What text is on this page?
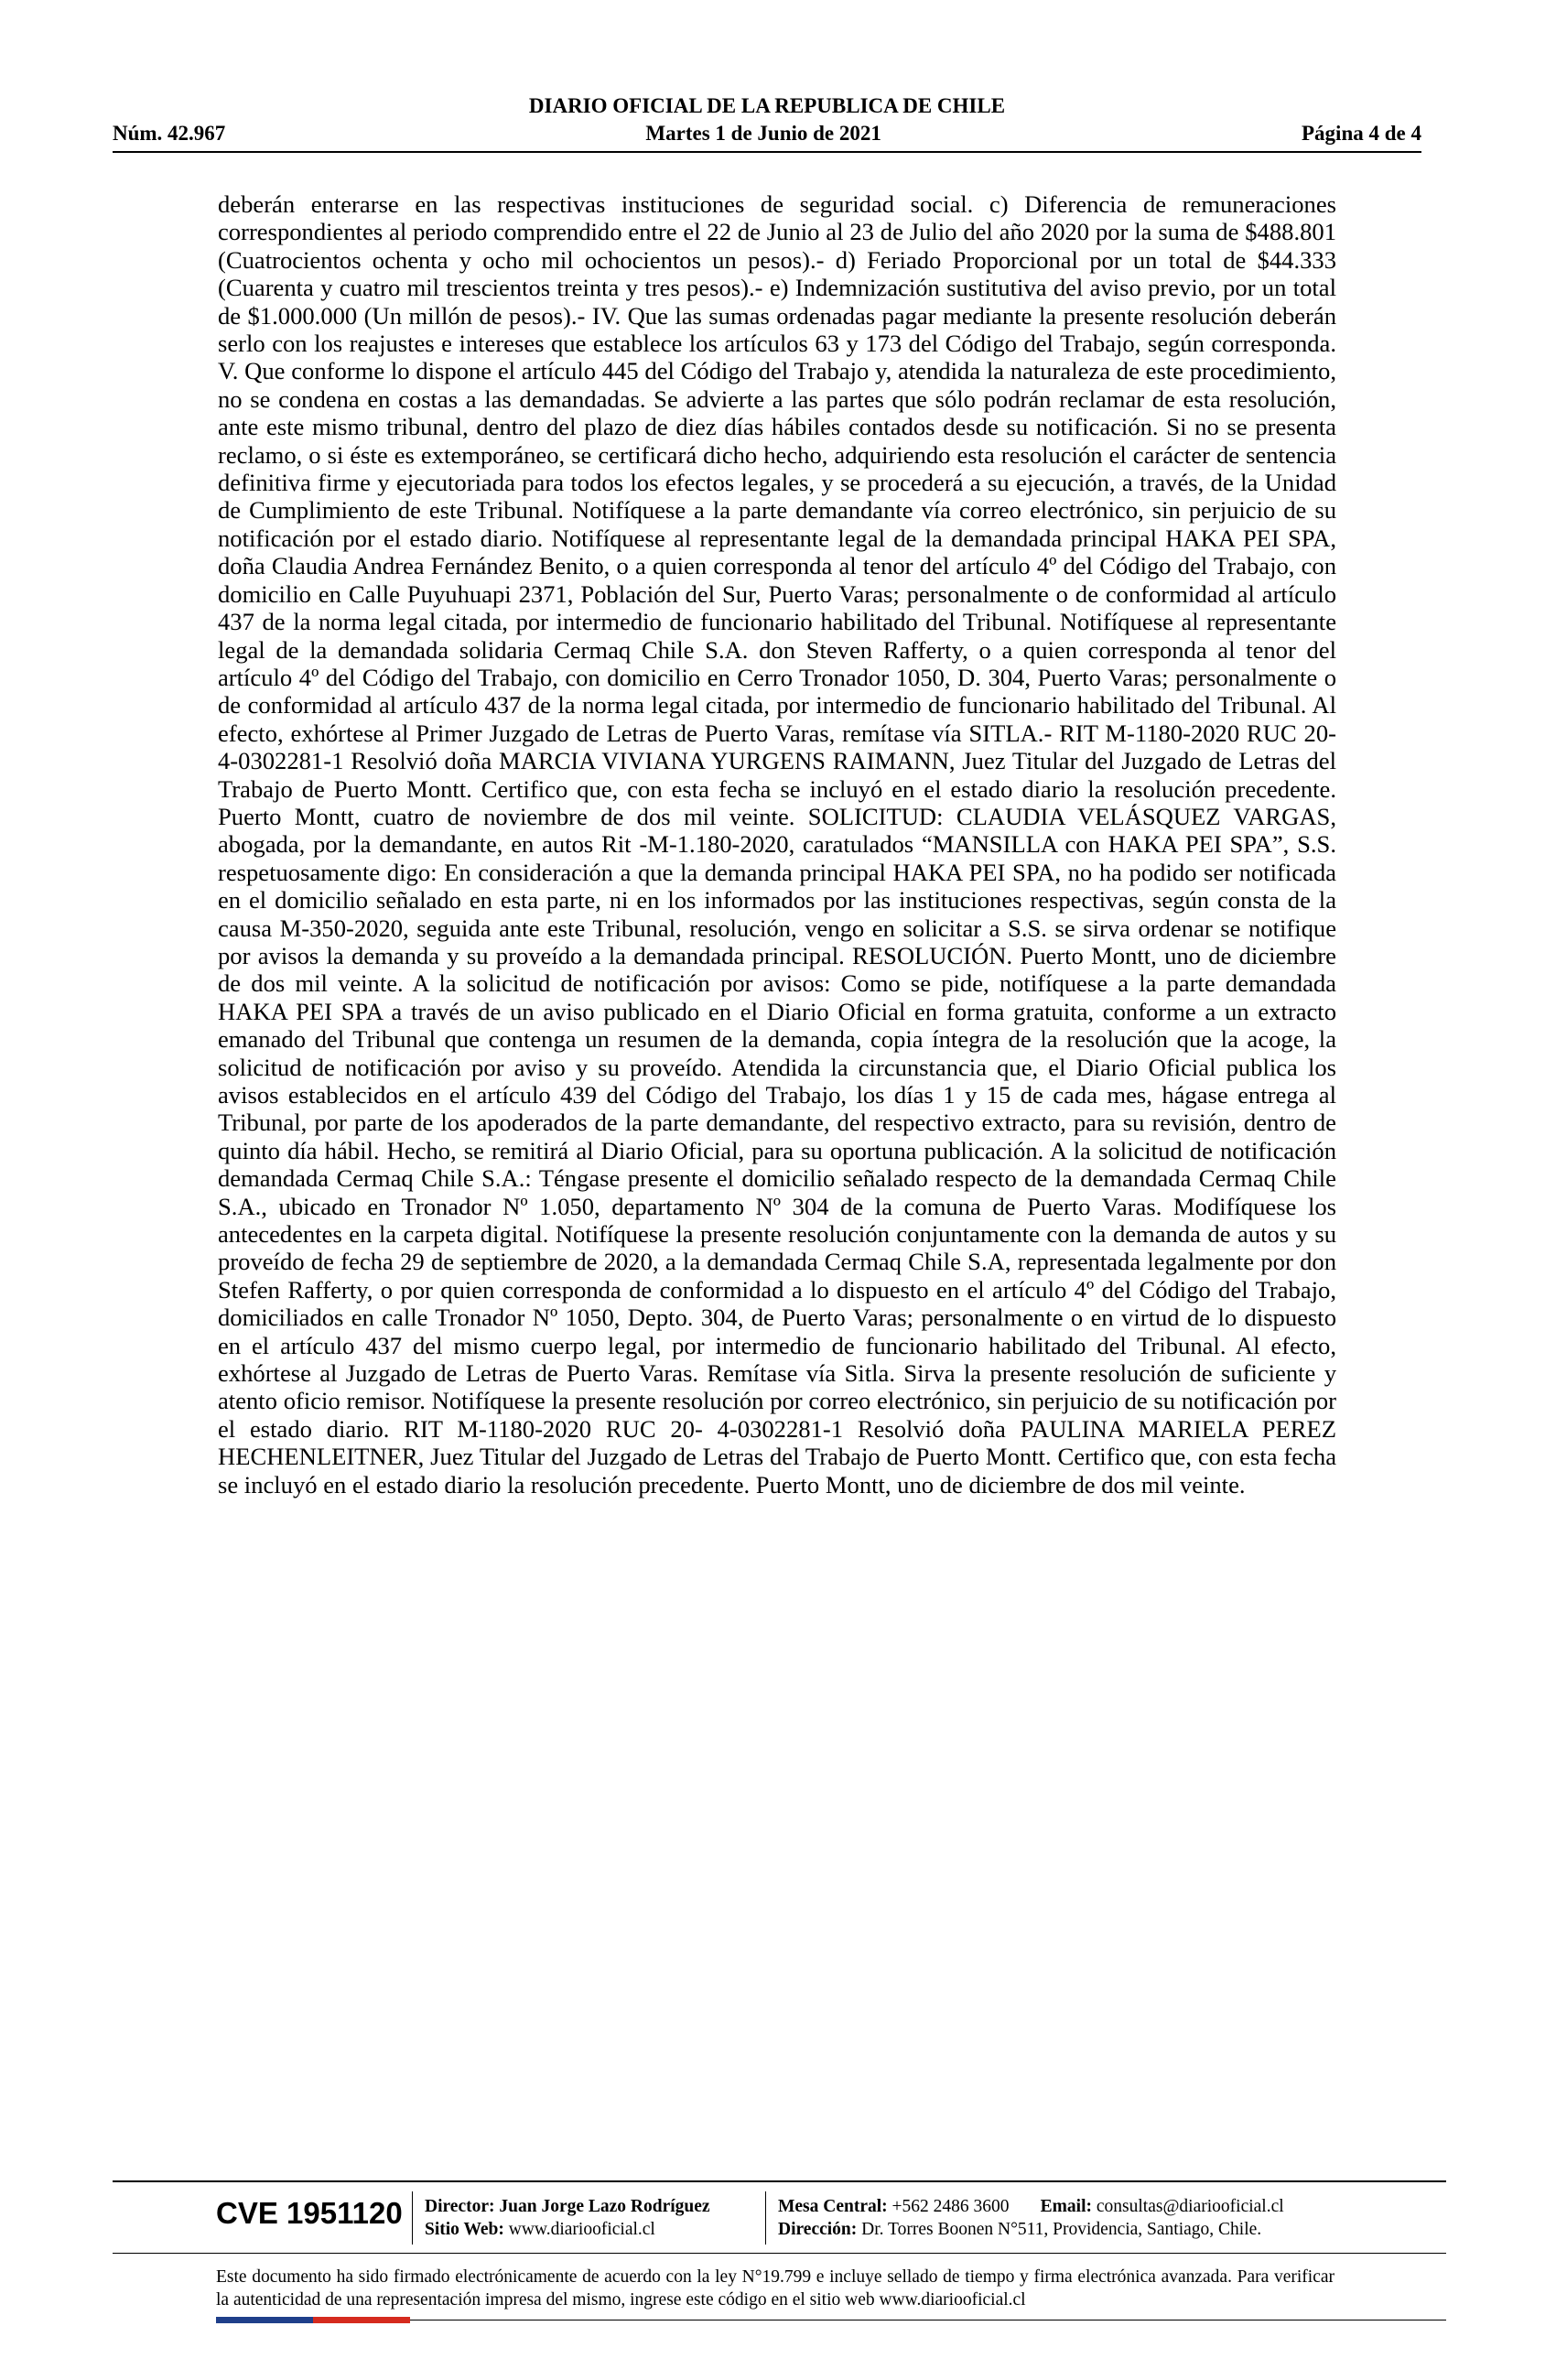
DIARIO OFICIAL DE LA REPUBLICA DE CHILE
Núm. 42.967	Martes 1 de Junio de 2021	Página 4 de 4

deberán enterarse en las respectivas instituciones de seguridad social. c) Diferencia de remuneraciones correspondientes al periodo comprendido entre el 22 de Junio al 23 de Julio del año 2020 por la suma de $488.801 (Cuatrocientos ochenta y ocho mil ochocientos un pesos).- d) Feriado Proporcional por un total de $44.333 (Cuarenta y cuatro mil trescientos treinta y tres pesos).- e) Indemnización sustitutiva del aviso previo, por un total de $1.000.000 (Un millón de pesos).- IV. Que las sumas ordenadas pagar mediante la presente resolución deberán serlo con los reajustes e intereses que establece los artículos 63 y 173 del Código del Trabajo, según corresponda. V. Que conforme lo dispone el artículo 445 del Código del Trabajo y, atendida la naturaleza de este procedimiento, no se condena en costas a las demandadas. Se advierte a las partes que sólo podrán reclamar de esta resolución, ante este mismo tribunal, dentro del plazo de diez días hábiles contados desde su notificación. Si no se presenta reclamo, o si éste es extemporáneo, se certificará dicho hecho, adquiriendo esta resolución el carácter de sentencia definitiva firme y ejecutoriada para todos los efectos legales, y se procederá a su ejecución, a través, de la Unidad de Cumplimiento de este Tribunal. Notifíquese a la parte demandante vía correo electrónico, sin perjuicio de su notificación por el estado diario. Notifíquese al representante legal de la demandada principal HAKA PEI SPA, doña Claudia Andrea Fernández Benito, o a quien corresponda al tenor del artículo 4º del Código del Trabajo, con domicilio en Calle Puyuhuapi 2371, Población del Sur, Puerto Varas; personalmente o de conformidad al artículo 437 de la norma legal citada, por intermedio de funcionario habilitado del Tribunal. Notifíquese al representante legal de la demandada solidaria Cermaq Chile S.A. don Steven Rafferty, o a quien corresponda al tenor del artículo 4º del Código del Trabajo, con domicilio en Cerro Tronador 1050, D. 304, Puerto Varas; personalmente o de conformidad al artículo 437 de la norma legal citada, por intermedio de funcionario habilitado del Tribunal. Al efecto, exhórtese al Primer Juzgado de Letras de Puerto Varas, remítase vía SITLA.- RIT M-1180-2020 RUC 20-4-0302281-1 Resolvió doña MARCIA VIVIANA YURGENS RAIMANN, Juez Titular del Juzgado de Letras del Trabajo de Puerto Montt. Certifico que, con esta fecha se incluyó en el estado diario la resolución precedente. Puerto Montt, cuatro de noviembre de dos mil veinte. SOLICITUD: CLAUDIA VELÁSQUEZ VARGAS, abogada, por la demandante, en autos Rit -M-1.180-2020, caratulados “MANSILLA con HAKA PEI SPA”, S.S. respetuosamente digo: En consideración a que la demanda principal HAKA PEI SPA, no ha podido ser notificada en el domicilio señalado en esta parte, ni en los informados por las instituciones respectivas, según consta de la causa M-350-2020, seguida ante este Tribunal, resolución, vengo en solicitar a S.S. se sirva ordenar se notifique por avisos la demanda y su proveído a la demandada principal. RESOLUCIÓN. Puerto Montt, uno de diciembre de dos mil veinte. A la solicitud de notificación por avisos: Como se pide, notifíquese a la parte demandada HAKA PEI SPA a través de un aviso publicado en el Diario Oficial en forma gratuita, conforme a un extracto emanado del Tribunal que contenga un resumen de la demanda, copia íntegra de la resolución que la acoge, la solicitud de notificación por aviso y su proveído. Atendida la circunstancia que, el Diario Oficial publica los avisos establecidos en el artículo 439 del Código del Trabajo, los días 1 y 15 de cada mes, hágase entrega al Tribunal, por parte de los apoderados de la parte demandante, del respectivo extracto, para su revisión, dentro de quinto día hábil. Hecho, se remitirá al Diario Oficial, para su oportuna publicación. A la solicitud de notificación demandada Cermaq Chile S.A.: Téngase presente el domicilio señalado respecto de la demandada Cermaq Chile S.A., ubicado en Tronador Nº 1.050, departamento Nº 304 de la comuna de Puerto Varas. Modifíquese los antecedentes en la carpeta digital. Notifíquese la presente resolución conjuntamente con la demanda de autos y su proveído de fecha 29 de septiembre de 2020, a la demandada Cermaq Chile S.A, representada legalmente por don Stefen Rafferty, o por quien corresponda de conformidad a lo dispuesto en el artículo 4º del Código del Trabajo, domiciliados en calle Tronador Nº 1050, Depto. 304, de Puerto Varas; personalmente o en virtud de lo dispuesto en el artículo 437 del mismo cuerpo legal, por intermedio de funcionario habilitado del Tribunal. Al efecto, exhórtese al Juzgado de Letras de Puerto Varas. Remítase vía Sitla. Sirva la presente resolución de suficiente y atento oficio remisor. Notifíquese la presente resolución por correo electrónico, sin perjuicio de su notificación por el estado diario. RIT M-1180-2020 RUC 20- 4-0302281-1 Resolvió doña PAULINA MARIELA PEREZ HECHENLEITNER, Juez Titular del Juzgado de Letras del Trabajo de Puerto Montt. Certifico que, con esta fecha se incluyó en el estado diario la resolución precedente. Puerto Montt, uno de diciembre de dos mil veinte.

CVE 1951120 Director: Juan Jorge Lazo Rodríguez
Sitio Web: www.diariooficial.cl
Mesa Central: +562 2486 3600 Email: consultas@diariooficial.cl
Dirección: Dr. Torres Boonen N°511, Providencia, Santiago, Chile.
Este documento ha sido firmado electrónicamente de acuerdo con la ley N°19.799 e incluye sellado de tiempo y firma electrónica avanzada. Para verificar la autenticidad de una representación impresa del mismo, ingrese este código en el sitio web www.diariooficial.cl
